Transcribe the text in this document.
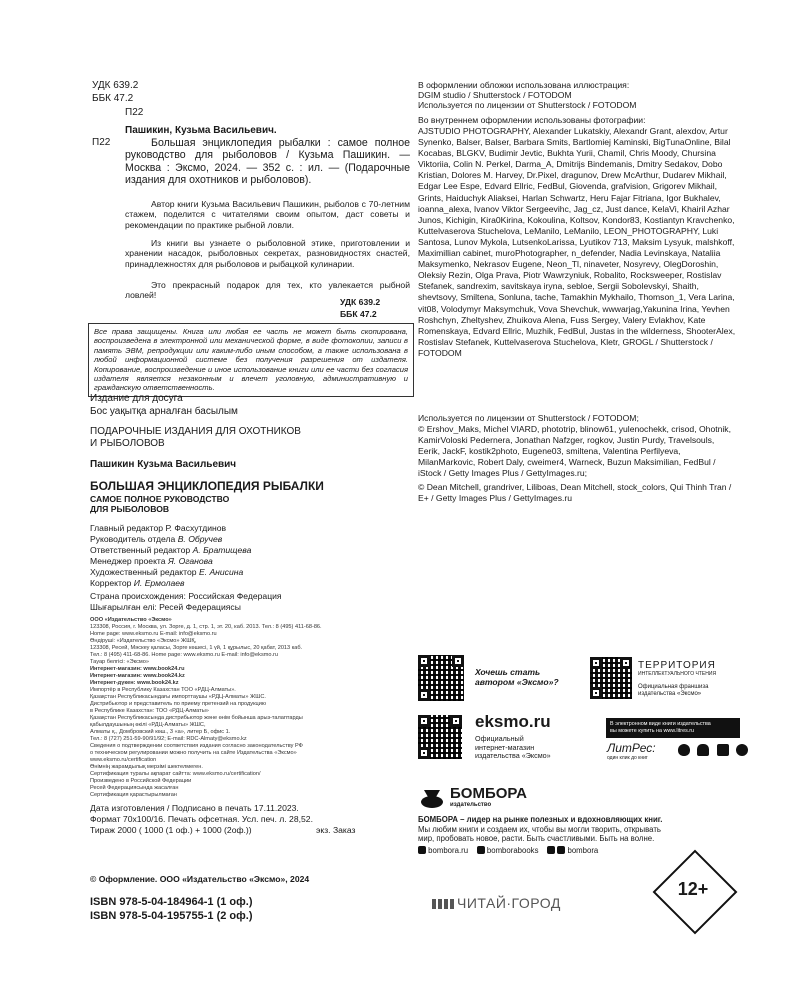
УДК 639.2
ББК 47.2
П22
П22
Пашикин, Кузьма Васильевич.
Большая энциклопедия рыбалки : самое полное руководство для рыболовов / Кузьма Пашикин. — Москва : Эксмо, 2024. — 352 с. : ил. — (Подарочные издания для охотников и рыболовов).
Автор книги Кузьма Васильевич Пашикин, рыболов с 70-летним стажем, поделится с читателями своим опытом, даст советы и рекомендации по практике рыбной ловли.
Из книги вы узнаете о рыболовной этике, приготовлении и хранении насадок, рыболовных секретах, разновидностях снастей, принадлежностях для рыболовов и рыбацкой кулинарии.
Это прекрасный подарок для тех, кто увлекается рыбной ловлей!
УДК 639.2
ББК 47.2
Все права защищены. Книга или любая ее часть не может быть скопирована, воспроизведена в электронной или механической форме, в виде фотокопии, записи в память ЭВМ, репродукции или каким-либо иным способом, а также использована в любой информационной системе без получения разрешения от издателя. Копирование, воспроизведение и иное использование книги или ее части без согласия издателя является незаконным и влечет уголовную, административную и гражданскую ответственность.
Издание для досуга
Бос уақытқа арналған басылым
ПОДАРОЧНЫЕ ИЗДАНИЯ ДЛЯ ОХОТНИКОВ
И РЫБОЛОВОВ
Пашикин Кузьма Васильевич
БОЛЬШАЯ ЭНЦИКЛОПЕДИЯ РЫБАЛКИ
САМОЕ ПОЛНОЕ РУКОВОДСТВО
ДЛЯ РЫБОЛОВОВ
Главный редактор Р. Фасхутдинов
Руководитель отдела В. Обручев
Ответственный редактор А. Братищева
Менеджер проекта Я. Оганова
Художественный редактор Е. Анисина
Корректор И. Ермолаев
Страна происхождения: Российская Федерация
Шығарылған елі: Ресей Федерациясы
ООО «Издательство «Эксмо»
123308, Россия, г. Москва, ул. Зорге, д. 1, стр. 1, эт. 20, каб. 2013. Тел.: 8 (495) 411-68-86.
Home page: www.eksmo.ru E-mail: info@eksmo.ru
Өндіруші: «Издательство «Эксмо» ЖШҚ,
123308, Ресей, Мәскеу қаласы, Зорге көшесі, 1 үй, 1 құрылыс, 20 қабат, 2013 каб.
Тел.: 8 (495) 411-68-86. Home page: www.eksmo.ru E-mail: info@eksmo.ru
Тауар белгісі: «Эксмо»
Интернет-магазин: www.book24.ru
Интернет-магазин: www.book24.kz
Интернет-дүкен: www.book24.kz
Импортёр в Республику Казахстан ТОО «РДЦ-Алматы».
Қазақстан Республикасындағы импорттаушы «РДЦ-Алматы» ЖШС.
Дистрибьютор и представитель по приему претензий на продукцию
в Республике Казахстан: ТОО «РДЦ-Алматы»
Қазақстан Республикасында дистрибьютор және өнім бойынша арыз-талаптарды
қабылдаушының өкілі «РДЦ-Алматы» ЖШС,
Алматы қ., Домбровский көш., 3 «а», литер Б, офис 1.
Тел.: 8 (727) 251-59-90/91/92; E-mail: RDC-Almaty@eksmo.kz
Сведения о подтверждении соответствия издания согласно законодательству РФ
о техническом регулировании можно получить на сайте Издательства «Эксмо»
www.eksmo.ru/certification
Өнімнің жарамдылық мерзімі шектелмеген.
Сертификация туралы ақпарат сайтта: www.eksmo.ru/certification/
Произведено в Российской Федерации
Ресей Федерациясында жасалған
Сертификация қарастырылмаған
Дата изготовления / Подписано в печать 17.11.2023.
Формат 70x100/16. Печать офсетная. Усл. печ. л. 28,52.
Тираж 2000 ( 1000 (1 оф.) + 1000 (2оф.))	экз. Заказ
© Оформление. ООО «Издательство «Эксмо», 2024
ISBN 978-5-04-184964-1 (1 оф.)
ISBN 978-5-04-195755-1 (2 оф.)
В оформлении обложки использована иллюстрация:
DGIM studio / Shutterstock / FOTODOM
Используется по лицензии от Shutterstock / FOTODOM
Во внутреннем оформлении использованы фотографии:
AJSTUDIO PHOTOGRAPHY, Alexander Lukatskiy, Alexandr Grant, alexdov, Artur Synenko, Balser, Balser, Barbara Smits, Bartlomiej Kaminski, BigTunaOnline, Bilal Kocabas, BLGKV, Budimir Jevtic, Bukhta Yurii, Chamil, Chris Moody, Chursina Viktoriia, Colin N. Perkel, Darma_A, Dmitrijs Bindemanis, Dmitry Sedakov, Dobo Kristian, Dolores M. Harvey, Dr.Pixel, dragunov, Drew McArthur, Dudarev Mikhail, Edgar Lee Espe, Edvard Ellric, FedBul, Giovenda, grafvision, Grigorev Mikhail, Grints, Haiduchyk Aliaksei, Harlan Schwartz, Heru Fajar Fitriana, Igor Bukhalev, ioanna_alexa, Ivanov Viktor Sergeevihc, Jag_cz, Just dance, KelaVi, Khairil Azhar Junos, Kichigin, Kira0Kirina, Kokoulina, Koltsov, Kondor83, Kostiantyn Kravchenko, Kuttelvaserova Stuchelova, LeManilo, LeManilo, LEON_PHOTOGRAPHY, Luki Santosa, Lunov Mykola, LutsenkoLarissa, Lyutikov 713, Maksim Lysyuk, malshkoff, Maximillian cabinet, muroPhotographer, n_defender, Nadia Levinskaya, Nataliia Maksymenko, Nekrasov Eugene, Neon_Tl, ninaveter, Nosyrevy, OlegDoroshin, Oleksiy Rezin, Olga Prava, Piotr Wawrzyniuk, Robalito, Rocksweeper, Rostislav Stefanek, sandrexim, savitskaya iryna, sebloe, Sergii Sobolevskyi, Shaith, shevtsovy, Smiltena, Sonluna, tache, Tamakhin Mykhailo, Thomson_1, Vera Larina, vit08, Volodymyr Maksymchuk, Vova Shevchuk, wwwarjag,Yakunina Irina, Yevhen Roshchyn, Zheltyshev, Zhuikova Alena, Fuss Sergey, Valery Evlakhov, Kate Romenskaya, Edvard Ellric, Muzhik, FedBul, Justas in the wilderness, ShooterAlex, Rostislav Stefanek, Kuttelvaserova Stuchelova, Kletr, GROGL / Shutterstock / FOTODOM
Используется по лицензии от Shutterstock / FOTODOM;
© Ershov_Maks, Michel VIARD, phototrip, blinow61, yulenochekk, crisod, Ohotnik, KamirVoloski Pedernera, Jonathan Nafzger, rogkov, Justin Purdy, Travelsouls, Eerik, JackF, kostik2photo, Eugene03, smiltena, Valentina Perfilyeva, MilanMarkovic, Robert Daly, cweimer4, Warneck, Buzun Maksimilian, FedBul / iStock / Getty Images Plus / GettyImages.ru;
© Dean Mitchell, grandriver, Liliboas, Dean Mitchell, stock_colors, Qui Thinh Tran / E+ / Getty Images Plus / GettyImages.ru
Хочешь стать
автором «Эксмо»?
ТЕРРИТОРИЯ
ИНТЕЛЛЕКТУАЛЬНОГО ЧТЕНИЯ
Официальная франшиза
издательства «Эксмо»
eksmo.ru
Официальный
интернет-магазин
издательства «Эксмо»
В электронном виде книги издательства
вы можете купить на www.litres.ru
ЛитРес:
один клик до книг

БОМБОРА
издательство
БОМБОРА – лидер на рынке полезных и вдохновляющих книг.
Мы любим книги и создаем их, чтобы вы могли творить, открывать
мир, пробовать новое, расти. Быть счастливыми. Быть на волне.
bombora.ru bomborabooks	bombora
ЧИТАЙ·ГОРОД
12+
